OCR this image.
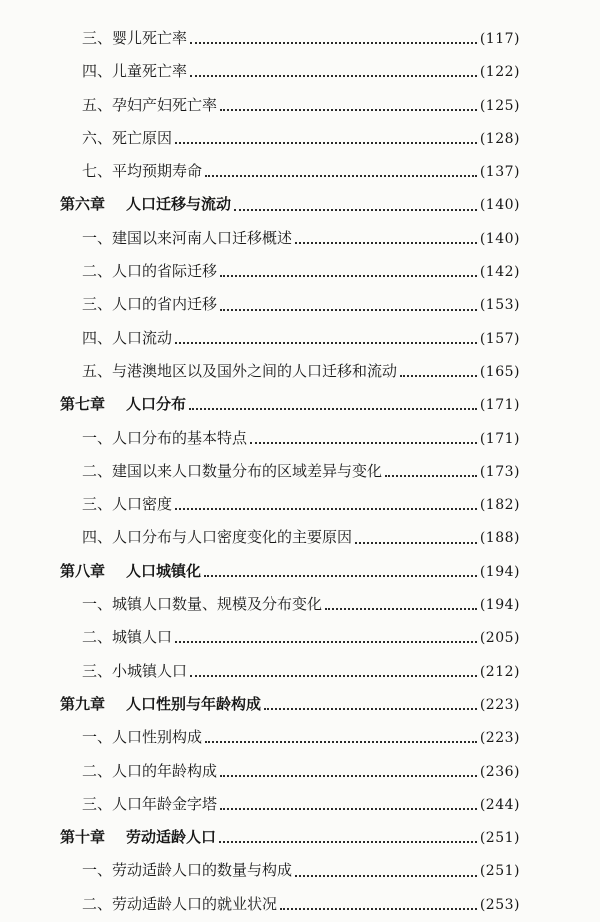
三、婴儿死亡率	(117)
四、儿童死亡率	(122)
五、孕妇产妇死亡率	(125)
六、死亡原因	(128)
七、平均预期寿命	(137)
第六章	人口迁移与流动	(140)
一、建国以来河南人口迁移概述	(140)
二、人口的省际迁移	(142)
三、人口的省内迁移	(153)
四、人口流动	(157)
五、与港澳地区以及国外之间的人口迁移和流动	(165)
第七章	人口分布	(171)
一、人口分布的基本特点	(171)
二、建国以来人口数量分布的区域差异与变化	(173)
三、人口密度	(182)
四、人口分布与人口密度变化的主要原因	(188)
第八章	人口城镇化	(194)
一、城镇人口数量、规模及分布变化	(194)
二、城镇人口	(205)
三、小城镇人口	(212)
第九章	人口性别与年龄构成	(223)
一、人口性别构成	(223)
二、人口的年龄构成	(236)
三、人口年龄金字塔	(244)
第十章	劳动适龄人口	(251)
一、劳动适龄人口的数量与构成	(251)
二、劳动适龄人口的就业状况	(253)
